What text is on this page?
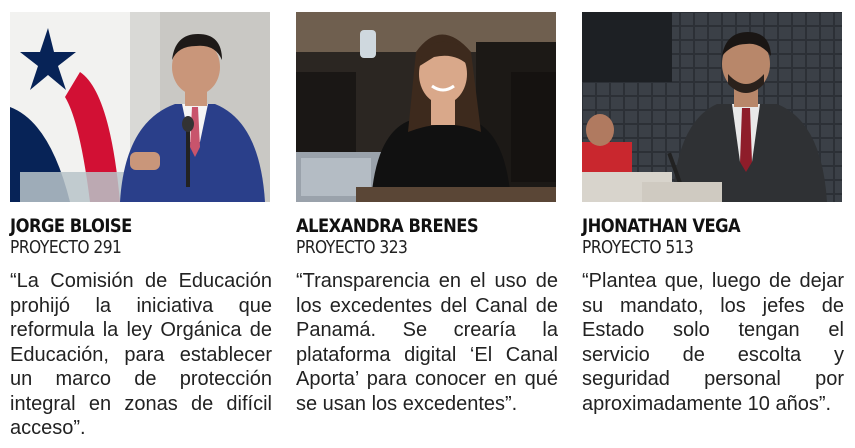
JORGE BLOISE
PROYECTO 291
“La Comisión de Educación prohijó la iniciativa que reformula la ley Orgánica de Educación, para establecer un marco de protección integral en zonas de difícil acceso”.
ALEXANDRA BRENES
PROYECTO 323
“Transparencia en el uso de los excedentes del Canal de Panamá. Se crearía la plataforma digital ‘El Canal Aporta’ para conocer en qué se usan los excedentes”.
JHONATHAN VEGA
PROYECTO 513
“Plantea que, luego de dejar su mandato, los jefes de Estado solo tengan el servicio de escolta y seguridad personal por aproximadamente 10 años”.
